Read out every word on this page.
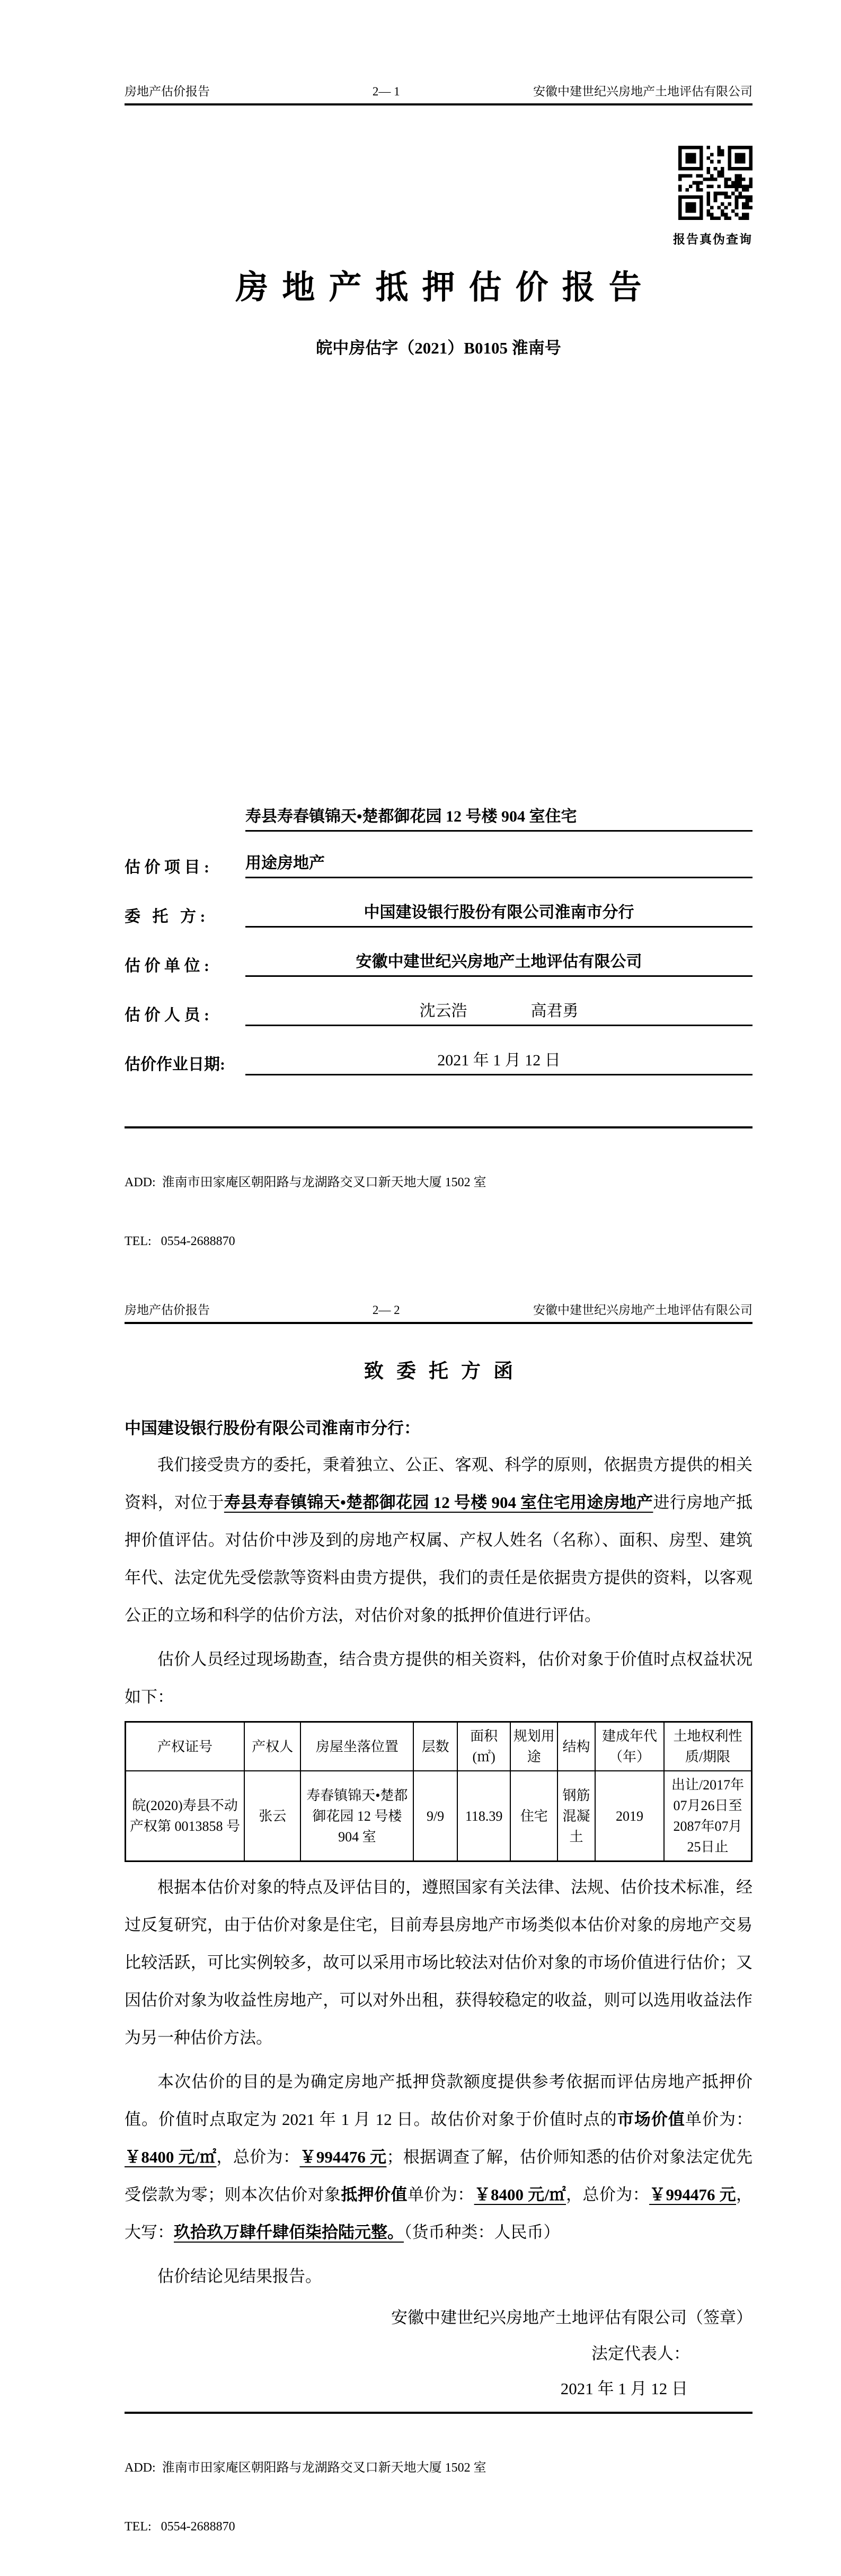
房地产估价报告	2— 1	安徽中建世纪兴房地产土地评估有限公司
报告真伪查询
房地产抵押估价报告
皖中房估字（2021）B0105 淮南号
估 价 项 目 :
寿县寿春镇锦天•楚都御花园 12 号楼 904 室住宅
用途房地产
委   托   方 :	中国建设银行股份有限公司淮南市分行
估 价 单 位 :	安徽中建世纪兴房地产土地评估有限公司
估 价 人 员 :	沈云浩　　　　高君勇
估价作业日期:	2021 年 1 月 12 日

ADD:  淮南市田家庵区朝阳路与龙湖路交叉口新天地大厦 1502 室

TEL:   0554-2688870

房地产估价报告	2— 2	安徽中建世纪兴房地产土地评估有限公司
致委托方函
中国建设银行股份有限公司淮南市分行：

我们接受贵方的委托，秉着独立、公正、客观、科学的原则，依据贵方提供的相关资料，对位于寿县寿春镇锦天•楚都御花园 12 号楼 904 室住宅用途房地产进行房地产抵押价值评估。对估价中涉及到的房地产权属、产权人姓名（名称）、面积、房型、建筑年代、法定优先受偿款等资料由贵方提供，我们的责任是依据贵方提供的资料，以客观公正的立场和科学的估价方法，对估价对象的抵押价值进行评估。

估价人员经过现场勘查，结合贵方提供的相关资料，估价对象于价值时点权益状况如下：

产权证号	产权人	房屋坐落位置	层数	面积(㎡)	规划用途	结构	建成年代（年）	土地权利性质/期限
皖(2020)寿县不动产权第 0013858 号	张云	寿春镇锦天•楚都御花园 12 号楼 904 室	9/9	118.39	住宅	钢筋混凝土	2019	出让/2017年07月26日至2087年07月25日止

根据本估价对象的特点及评估目的，遵照国家有关法律、法规、估价技术标准，经过反复研究，由于估价对象是住宅，目前寿县房地产市场类似本估价对象的房地产交易比较活跃，可比实例较多，故可以采用市场比较法对估价对象的市场价值进行估价；又因估价对象为收益性房地产，可以对外出租，获得较稳定的收益，则可以选用收益法作为另一种估价方法。

本次估价的目的是为确定房地产抵押贷款额度提供参考依据而评估房地产抵押价值。价值时点取定为 2021 年 1 月 12 日。故估价对象于价值时点的市场价值单价为：￥8400 元/㎡，总价为：￥994476 元；根据调查了解，估价师知悉的估价对象法定优先受偿款为零；则本次估价对象抵押价值单价为：￥8400 元/㎡，总价为：￥994476 元，大写：玖拾玖万肆仟肆佰柒拾陆元整。（货币种类：人民币）

估价结论见结果报告。

安徽中建世纪兴房地产土地评估有限公司（签章）
法定代表人：
2021 年 1 月 12 日

ADD:  淮南市田家庵区朝阳路与龙湖路交叉口新天地大厦 1502 室

TEL:   0554-2688870
